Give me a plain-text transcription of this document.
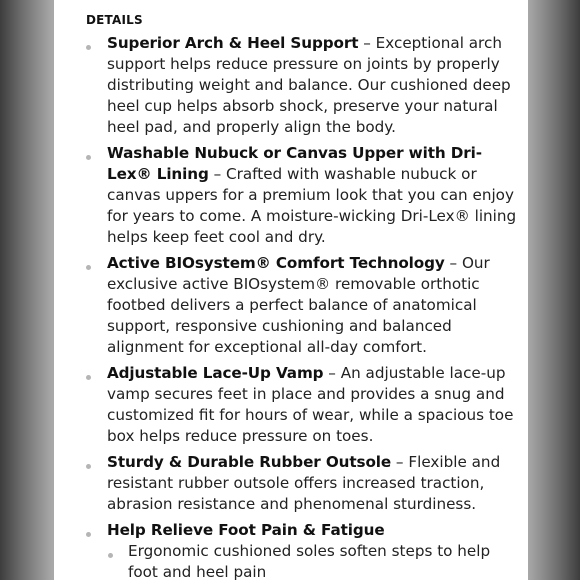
DETAILS
Superior Arch & Heel Support – Exceptional arch support helps reduce pressure on joints by properly distributing weight and balance. Our cushioned deep heel cup helps absorb shock, preserve your natural heel pad, and properly align the body.
Washable Nubuck or Canvas Upper with Dri-Lex® Lining – Crafted with washable nubuck or canvas uppers for a premium look that you can enjoy for years to come. A moisture-wicking Dri-Lex® lining helps keep feet cool and dry.
Active BIOsystem® Comfort Technology – Our exclusive active BIOsystem® removable orthotic footbed delivers a perfect balance of anatomical support, responsive cushioning and balanced alignment for exceptional all-day comfort.
Adjustable Lace-Up Vamp – An adjustable lace-up vamp secures feet in place and provides a snug and customized fit for hours of wear, while a spacious toe box helps reduce pressure on toes.
Sturdy & Durable Rubber Outsole – Flexible and resistant rubber outsole offers increased traction, abrasion resistance and phenomenal sturdiness.
Help Relieve Foot Pain & Fatigue
Ergonomic cushioned soles soften steps to help foot and heel pain
